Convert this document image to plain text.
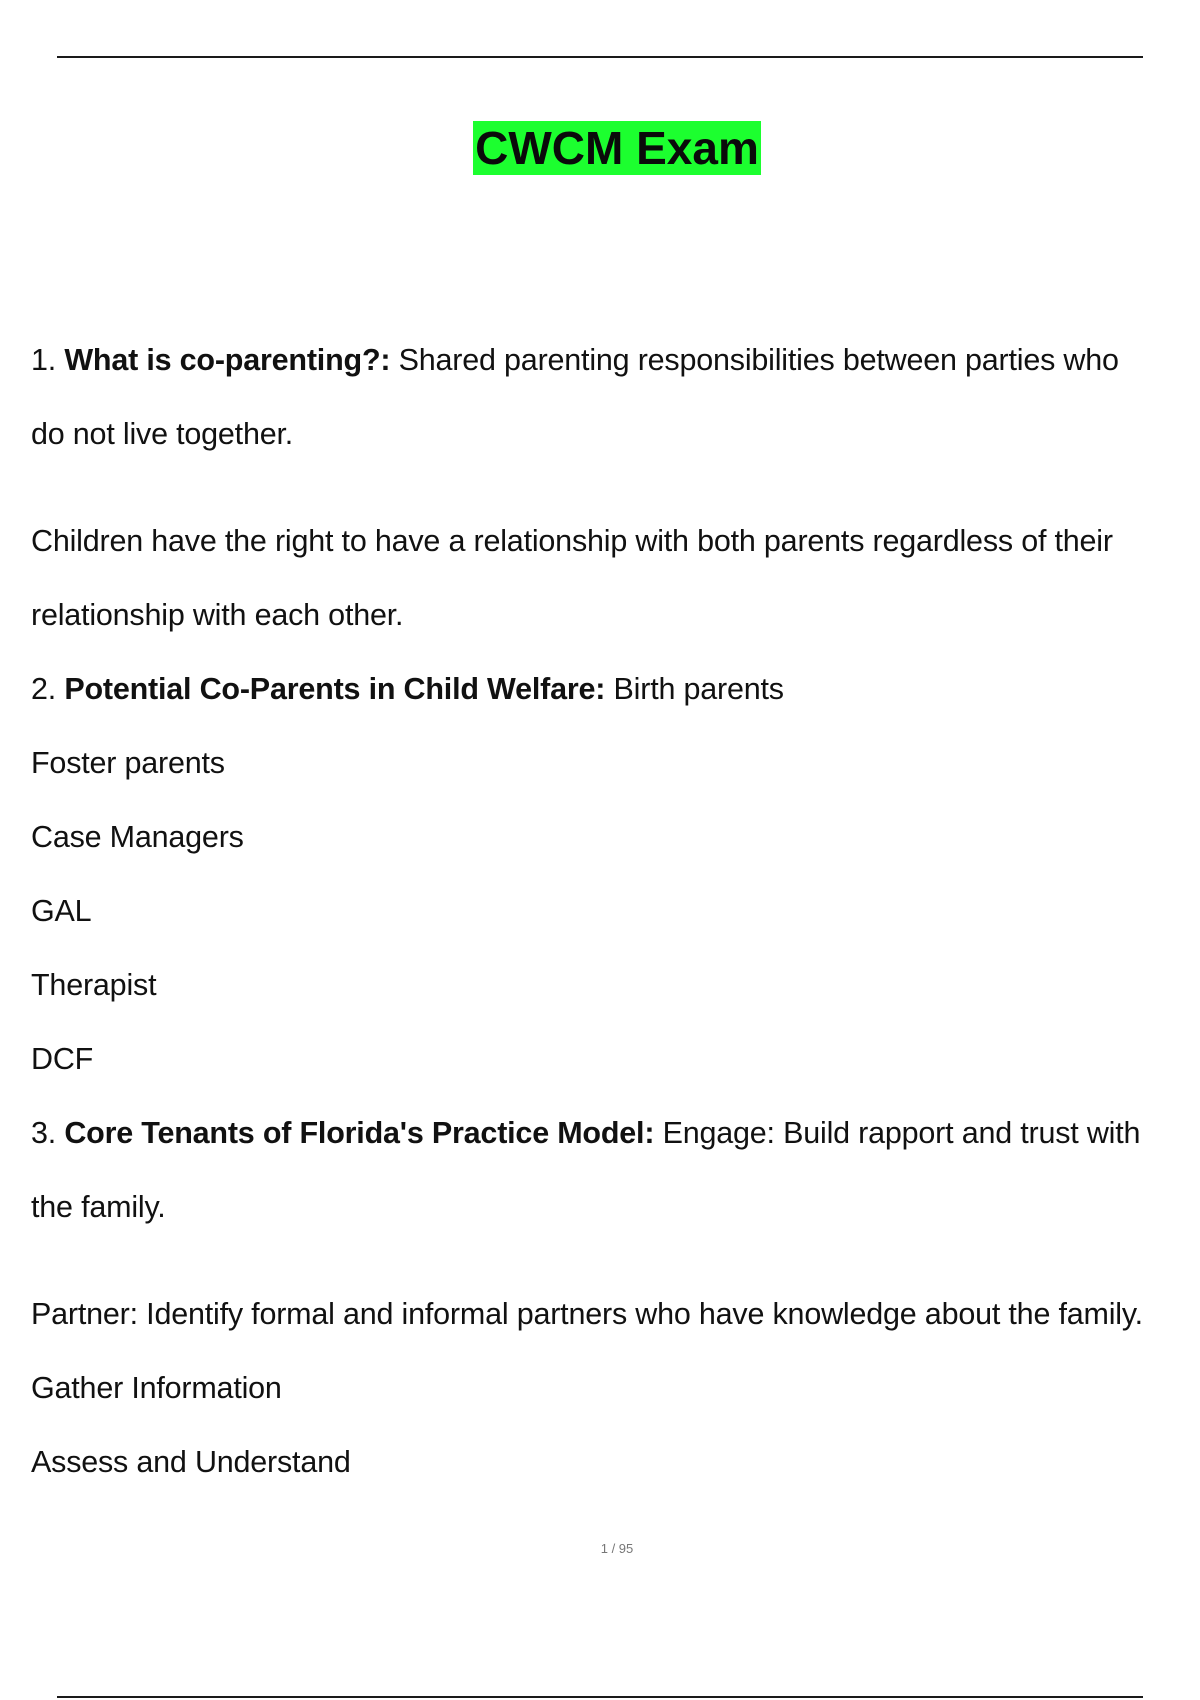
CWCM Exam
1. What is co-parenting?: Shared parenting responsibilities between parties who
do not live together.
Children have the right to have a relationship with both parents regardless of their
relationship with each other.
2. Potential Co-Parents in Child Welfare: Birth parents
Foster parents
Case Managers
GAL
Therapist
DCF
3. Core Tenants of Florida's Practice Model: Engage: Build rapport and trust with
the family.
Partner: Identify formal and informal partners who have knowledge about the family.
Gather Information
Assess and Understand
1 / 95
